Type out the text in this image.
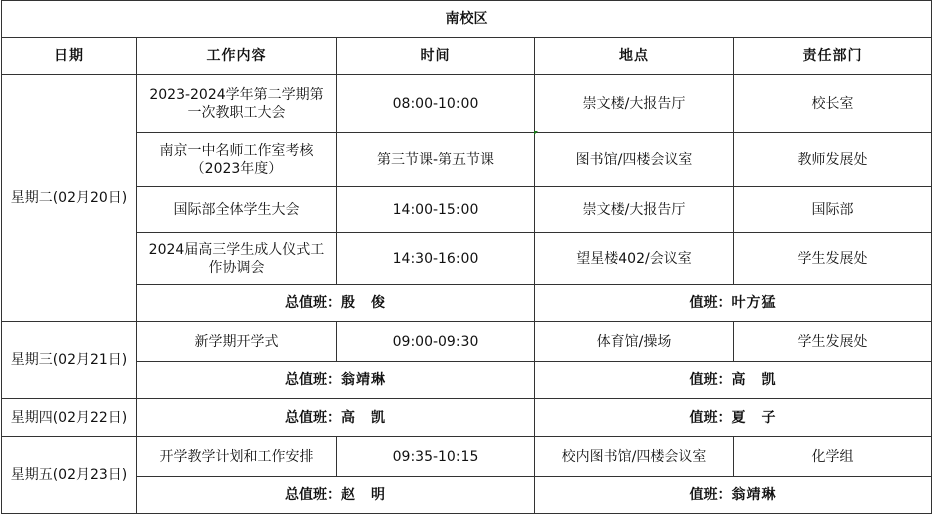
南校区				
日期	工作内容	时间	地点	责任部门
星期二(02月20日)	2023-2024学年第二学期第一次教职工大会	08:00-10:00	崇文楼/大报告厅	校长室

	南京一中名师工作室考核（2023年度）	第三节课-第五节课	图书馆/四楼会议室	教师发展处

	国际部全体学生大会	14:00-15:00	崇文楼/大报告厅	国际部

	2024届高三学生成人仪式工作协调会	14:30-16:00	望星楼402/会议室	学生发展处
	总值班：殷　俊		值班：叶方猛	
星期三(02月21日)	新学期开学式	09:00-09:30	体育馆/操场	学生发展处
	总值班：翁靖琳		值班：高　凯	
星期四(02月22日)	总值班：高　凯		值班：夏　子	
星期五(02月23日)	开学教学计划和工作安排	09:35-10:15	校内图书馆/四楼会议室	化学组
	总值班：赵　明		值班：翁靖琳	
